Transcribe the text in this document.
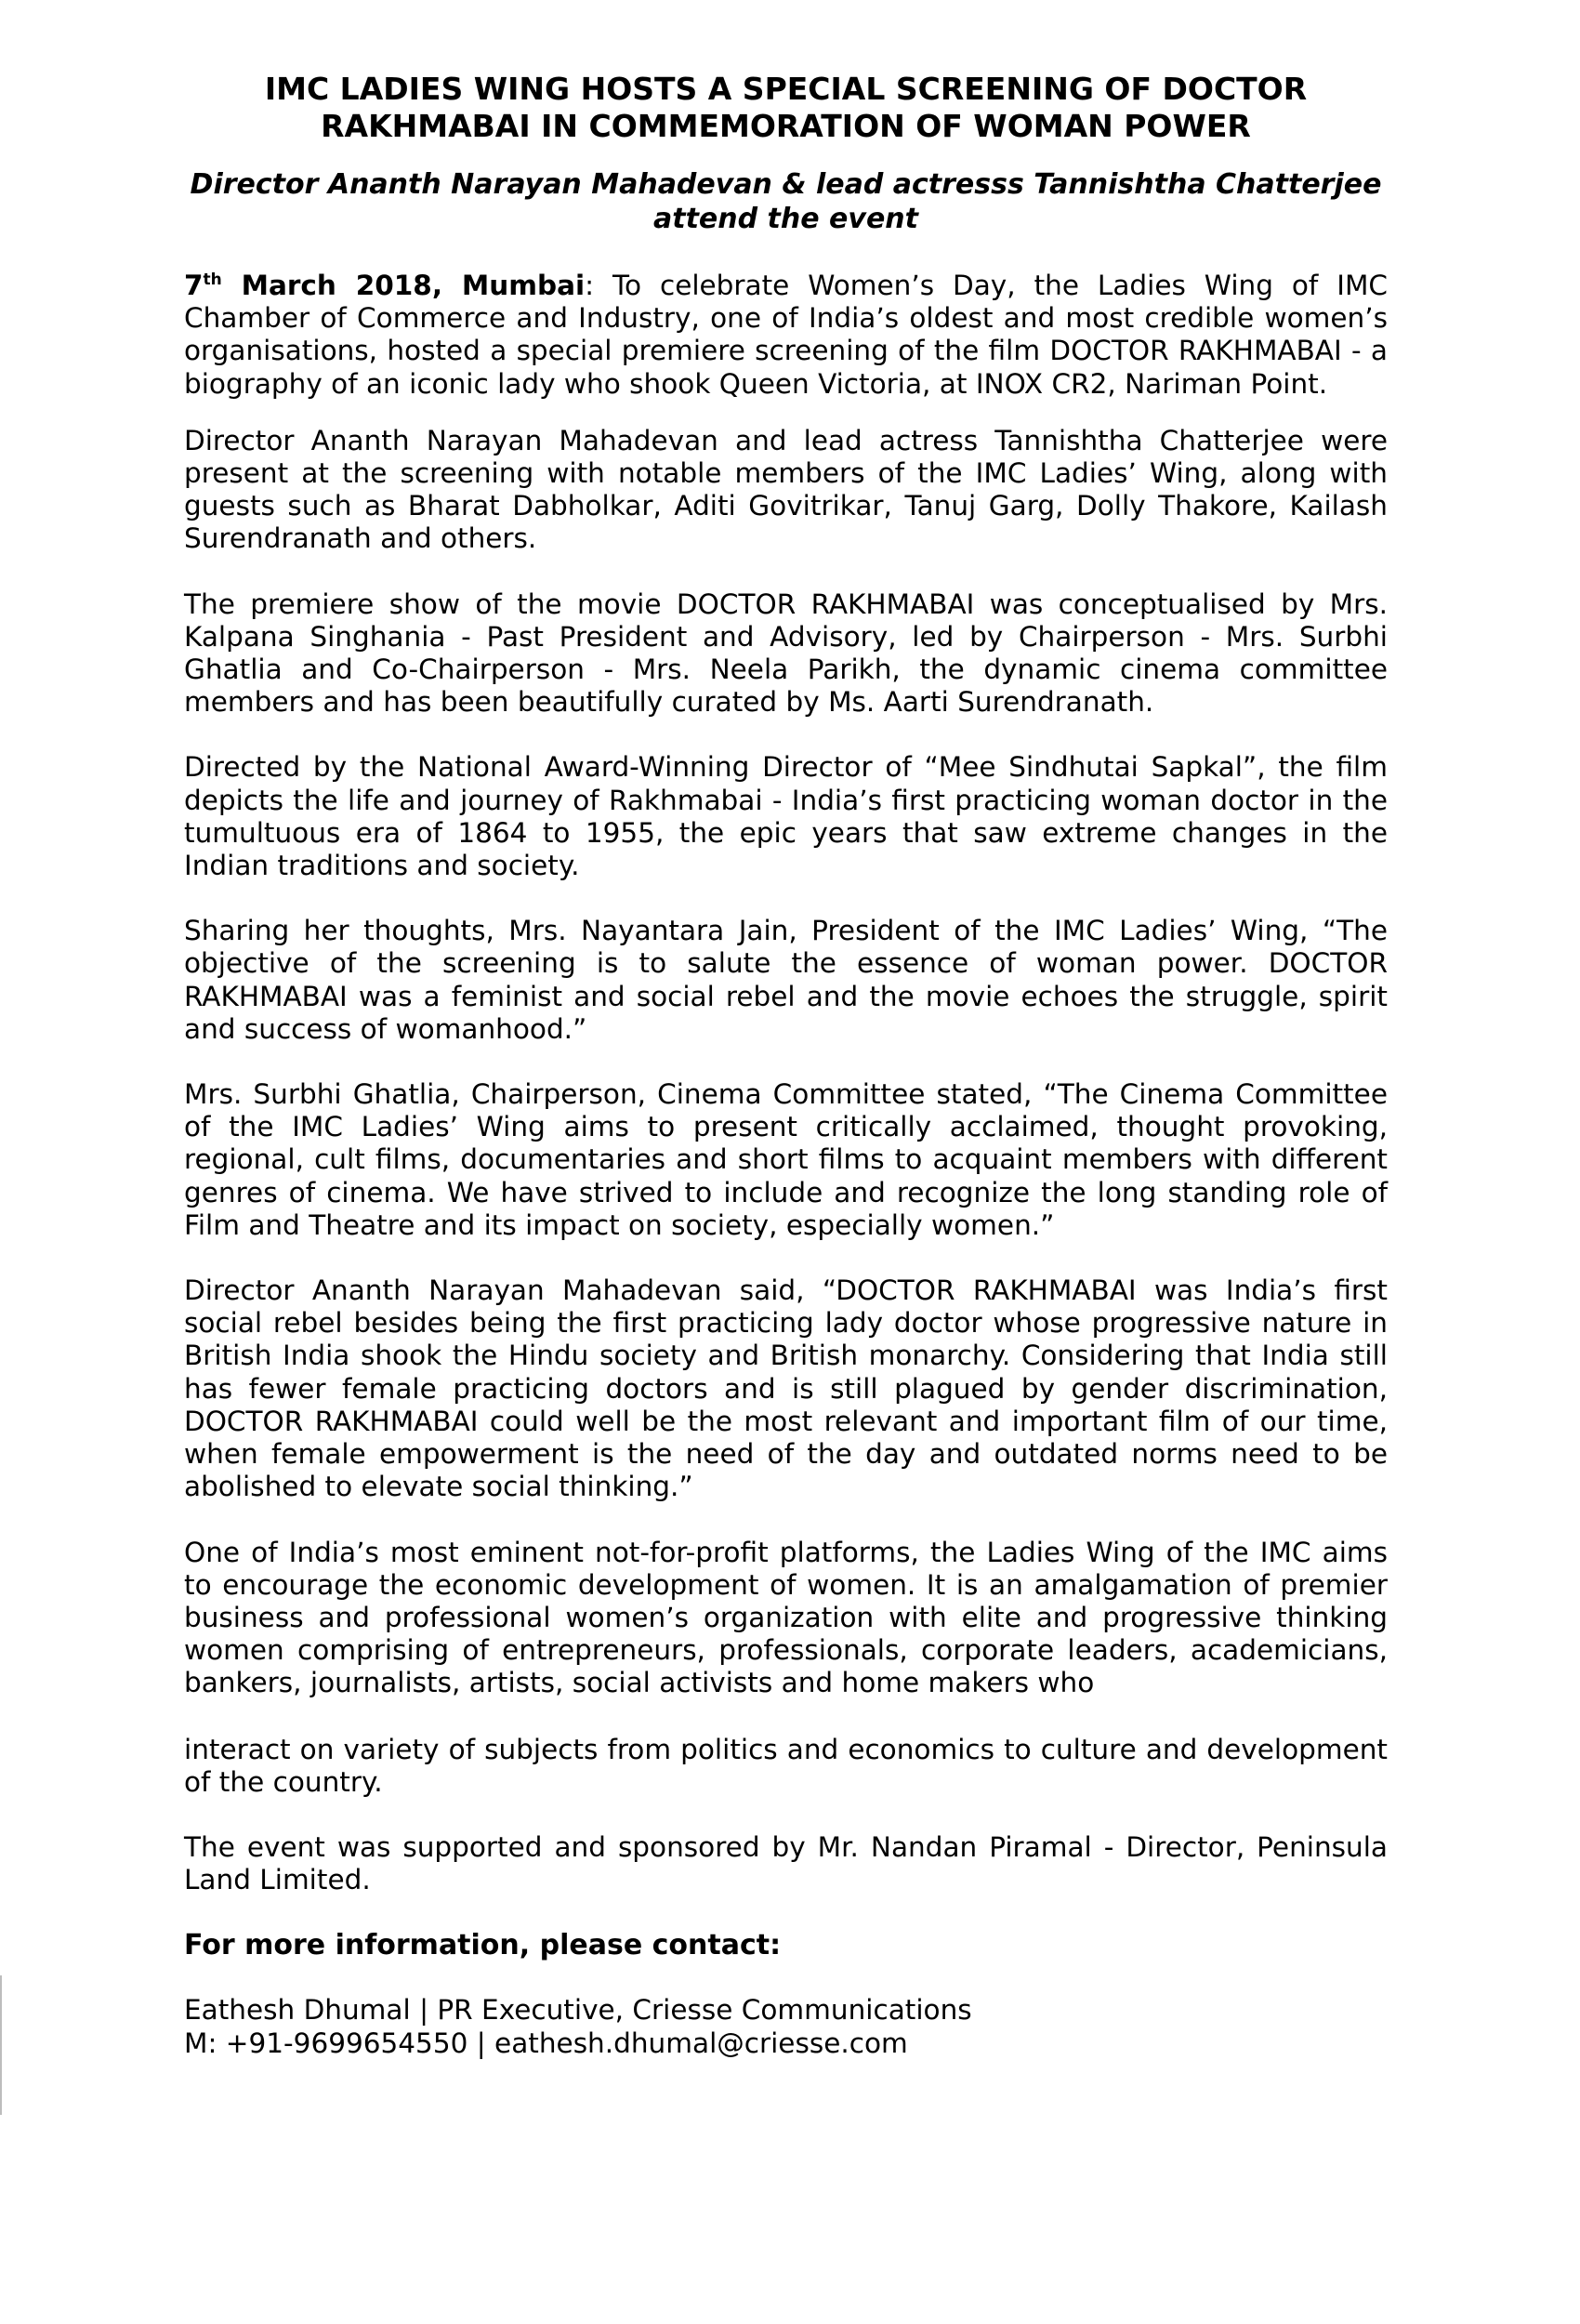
IMC LADIES WING HOSTS A SPECIAL SCREENING OF DOCTOR RAKHMABAI IN COMMEMORATION OF WOMAN POWER
Director Ananth Narayan Mahadevan & lead actresss Tannishtha Chatterjee attend the event

7th March 2018, Mumbai: To celebrate Women’s Day, the Ladies Wing of IMC Chamber of Commerce and Industry, one of India’s oldest and most credible women’s organisations, hosted a special premiere screening of the film DOCTOR RAKHMABAI - a biography of an iconic lady who shook Queen Victoria, at INOX CR2, Nariman Point.

Director Ananth Narayan Mahadevan and lead actress Tannishtha Chatterjee were present at the screening with notable members of the IMC Ladies’ Wing, along with guests such as Bharat Dabholkar, Aditi Govitrikar, Tanuj Garg, Dolly Thakore, Kailash Surendranath and others.

The premiere show of the movie DOCTOR RAKHMABAI was conceptualised by Mrs. Kalpana Singhania - Past President and Advisory, led by Chairperson - Mrs. Surbhi Ghatlia and Co-Chairperson - Mrs. Neela Parikh, the dynamic cinema committee members and has been beautifully curated by Ms. Aarti Surendranath.

Directed by the National Award-Winning Director of “Mee Sindhutai Sapkal”, the film depicts the life and journey of Rakhmabai - India’s first practicing woman doctor in the tumultuous era of 1864 to 1955, the epic years that saw extreme changes in the Indian traditions and society.

Sharing her thoughts, Mrs. Nayantara Jain, President of the IMC Ladies’ Wing, “The objective of the screening is to salute the essence of woman power. DOCTOR RAKHMABAI was a feminist and social rebel and the movie echoes the struggle, spirit and success of womanhood.”

Mrs. Surbhi Ghatlia, Chairperson, Cinema Committee stated, “The Cinema Committee of the IMC Ladies’ Wing aims to present critically acclaimed, thought provoking, regional, cult films, documentaries and short films to acquaint members with different genres of cinema. We have strived to include and recognize the long standing role of Film and Theatre and its impact on society, especially women.”

Director Ananth Narayan Mahadevan said, “DOCTOR RAKHMABAI was India’s first social rebel besides being the first practicing lady doctor whose progressive nature in British India shook the Hindu society and British monarchy. Considering that India still has fewer female practicing doctors and is still plagued by gender discrimination, DOCTOR RAKHMABAI could well be the most relevant and important film of our time, when female empowerment is the need of the day and outdated norms need to be abolished to elevate social thinking.”

One of India’s most eminent not-for-profit platforms, the Ladies Wing of the IMC aims to encourage the economic development of women. It is an amalgamation of premier business and professional women’s organization with elite and progressive thinking women comprising of entrepreneurs, professionals, corporate leaders, academicians, bankers, journalists, artists, social activists and home makers who

interact on variety of subjects from politics and economics to culture and development of the country.

The event was supported and sponsored by Mr. Nandan Piramal - Director, Peninsula Land Limited.

For more information, please contact:
Eathesh Dhumal | PR Executive, Criesse Communications
M: +91-9699654550 | eathesh.dhumal@criesse.com
